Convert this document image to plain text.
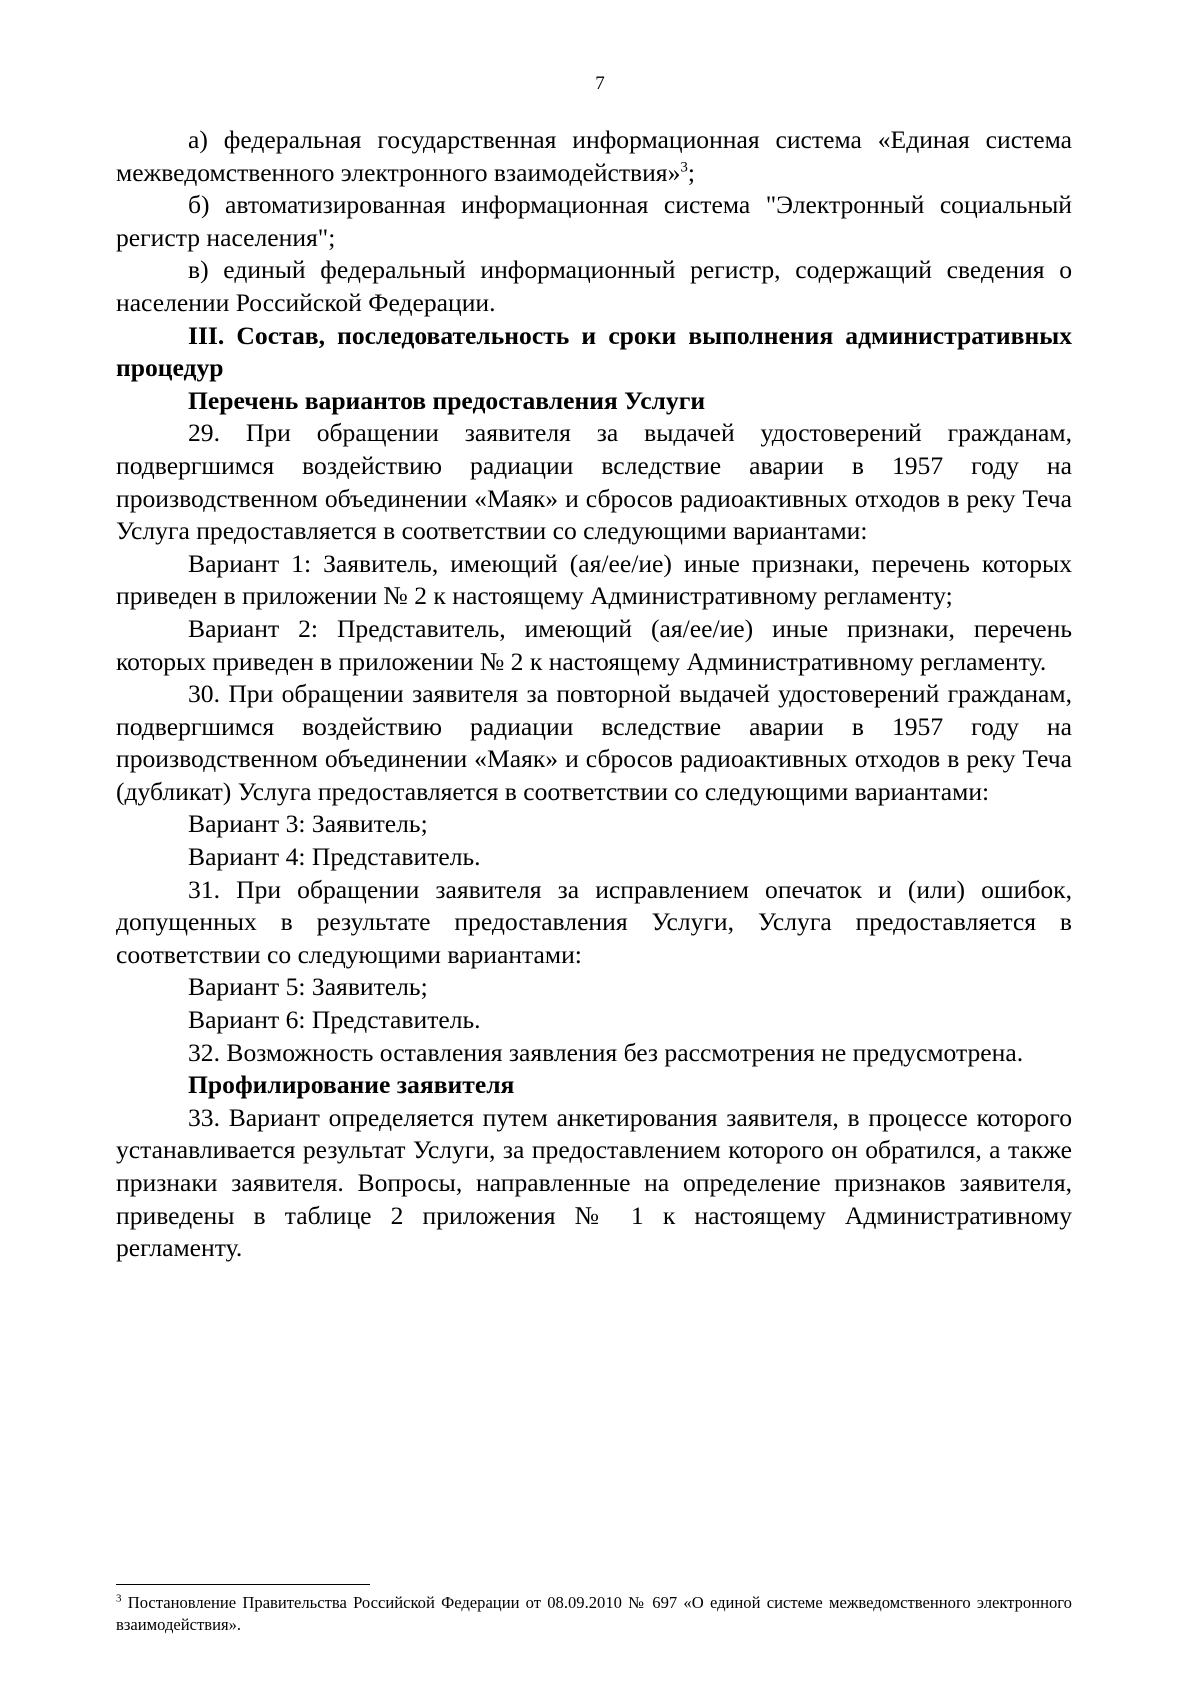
7

а) федеральная государственная информационная система «Единая система межведомственного электронного взаимодействия»$^3$;

б) автоматизированная информационная система "Электронный социальный регистр населения";

в) единый федеральный информационный регистр, содержащий сведения о населении Российской Федерации.

III. Состав, последовательность и сроки выполнения административных процедур

Перечень вариантов предоставления Услуги

29. При обращении заявителя за выдачей удостоверений гражданам, подвергшимся воздействию радиации вследствие аварии в 1957 году на производственном объединении «Маяк» и сбросов радиоактивных отходов в реку Теча Услуга предоставляется в соответствии со следующими вариантами:

Вариант 1: Заявитель, имеющий (ая/ее/ие) иные признаки, перечень которых приведен в приложении № 2 к настоящему Административному регламенту;

Вариант 2: Представитель, имеющий (ая/ее/ие) иные признаки, перечень которых приведен в приложении № 2 к настоящему Административному регламенту.

30. При обращении заявителя за повторной выдачей удостоверений гражданам, подвергшимся воздействию радиации вследствие аварии в 1957 году на производственном объединении «Маяк» и сбросов радиоактивных отходов в реку Теча (дубликат) Услуга предоставляется в соответствии со следующими вариантами:

Вариант 3: Заявитель;

Вариант 4: Представитель.

31. При обращении заявителя за исправлением опечаток и (или) ошибок, допущенных в результате предоставления Услуги, Услуга предоставляется в соответствии со следующими вариантами:

Вариант 5: Заявитель;

Вариант 6: Представитель.

32. Возможность оставления заявления без рассмотрения не предусмотрена.

Профилирование заявителя

33. Вариант определяется путем анкетирования заявителя, в процессе которого устанавливается результат Услуги, за предоставлением которого он обратился, а также признаки заявителя. Вопросы, направленные на определение признаков заявителя, приведены в таблице 2 приложения № 1 к настоящему Административному регламенту.

$^3$ Постановление Правительства Российской Федерации от 08.09.2010 № 697 «О единой системе межведомственного электронного взаимодействия».
